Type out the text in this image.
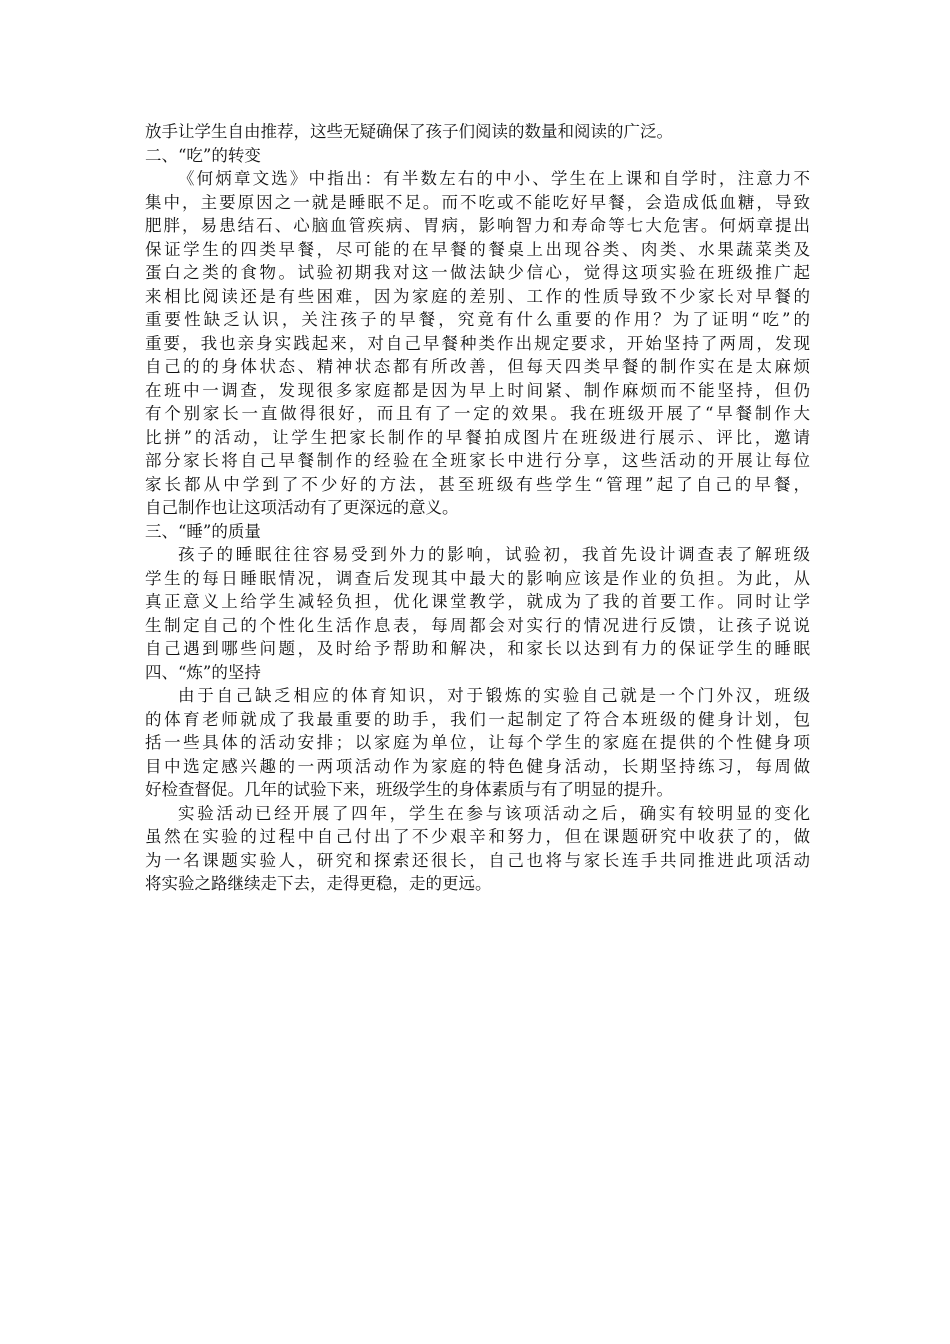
放手让学生自由推荐，这些无疑确保了孩子们阅读的数量和阅读的广泛。
二、“吃”的转变
《何炳章文选》中指出：有半数左右的中小、学生在上课和自学时，注意力不
集中，主要原因之一就是睡眠不足。而不吃或不能吃好早餐，会造成低血糖，导致
肥胖，易患结石、心脑血管疾病、胃病，影响智力和寿命等七大危害。何炳章提出
保证学生的四类早餐，尽可能的在早餐的餐桌上出现谷类、肉类、水果蔬菜类及
蛋白之类的食物。试验初期我对这一做法缺少信心，觉得这项实验在班级推广起
来相比阅读还是有些困难，因为家庭的差别、工作的性质导致不少家长对早餐的
重要性缺乏认识，关注孩子的早餐，究竟有什么重要的作用？为了证明“吃”的
重要，我也亲身实践起来，对自己早餐种类作出规定要求，开始坚持了两周，发现
自己的的身体状态、精神状态都有所改善，但每天四类早餐的制作实在是太麻烦
在班中一调查，发现很多家庭都是因为早上时间紧、制作麻烦而不能坚持，但仍
有个别家长一直做得很好，而且有了一定的效果。我在班级开展了“早餐制作大
比拼”的活动，让学生把家长制作的早餐拍成图片在班级进行展示、评比，邀请
部分家长将自己早餐制作的经验在全班家长中进行分享，这些活动的开展让每位
家长都从中学到了不少好的方法，甚至班级有些学生“管理”起了自己的早餐，
自己制作也让这项活动有了更深远的意义。
三、“睡”的质量
孩子的睡眠往往容易受到外力的影响，试验初，我首先设计调查表了解班级
学生的每日睡眠情况，调查后发现其中最大的影响应该是作业的负担。为此，从
真正意义上给学生减轻负担，优化课堂教学，就成为了我的首要工作。同时让学
生制定自己的个性化生活作息表，每周都会对实行的情况进行反馈，让孩子说说
自己遇到哪些问题，及时给予帮助和解决，和家长以达到有力的保证学生的睡眠
四、“炼”的坚持
由于自己缺乏相应的体育知识，对于锻炼的实验自己就是一个门外汉，班级
的体育老师就成了我最重要的助手，我们一起制定了符合本班级的健身计划，包
括一些具体的活动安排；以家庭为单位，让每个学生的家庭在提供的个性健身项
目中选定感兴趣的一两项活动作为家庭的特色健身活动，长期坚持练习，每周做
好检查督促。几年的试验下来，班级学生的身体素质与有了明显的提升。
实验活动已经开展了四年，学生在参与该项活动之后，确实有较明显的变化
虽然在实验的过程中自己付出了不少艰辛和努力，但在课题研究中收获了的，做
为一名课题实验人，研究和探索还很长，自己也将与家长连手共同推进此项活动
将实验之路继续走下去，走得更稳，走的更远。
